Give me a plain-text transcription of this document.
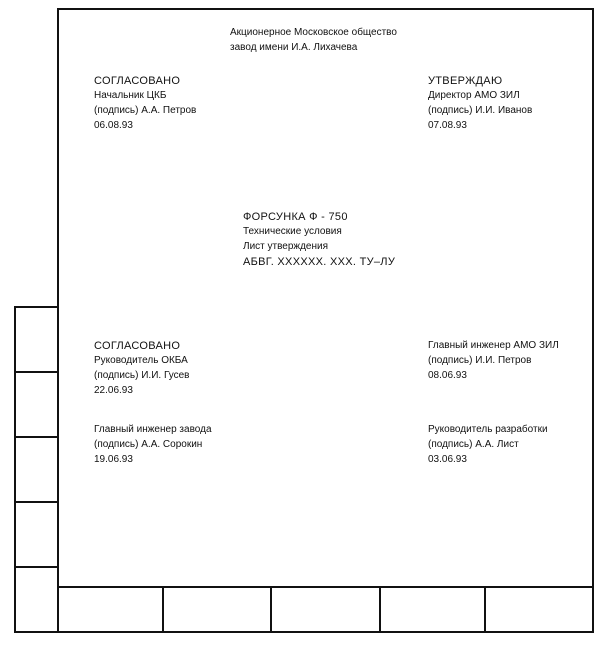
Акционерное Московское общество
завод имени И.А. Лихачева
СОГЛАСОВАНО
Начальник ЦКБ
(подпись) А.А. Петров
06.08.93
УТВЕРЖДАЮ
Директор АМО ЗИЛ
(подпись) И.И. Иванов
07.08.93
ФОРСУНКА Ф - 750
Технические условия
Лист утверждения
АБВГ. XXXXXX. XXX. ТУ–ЛУ
СОГЛАСОВАНО
Руководитель ОКБА
(подпись) И.И. Гусев
22.06.93
Главный инженер АМО ЗИЛ
(подпись) И.И. Петров
08.06.93
Главный инженер завода
(подпись) А.А. Сорокин
19.06.93
Руководитель разработки
(подпись) А.А. Лист
03.06.93
